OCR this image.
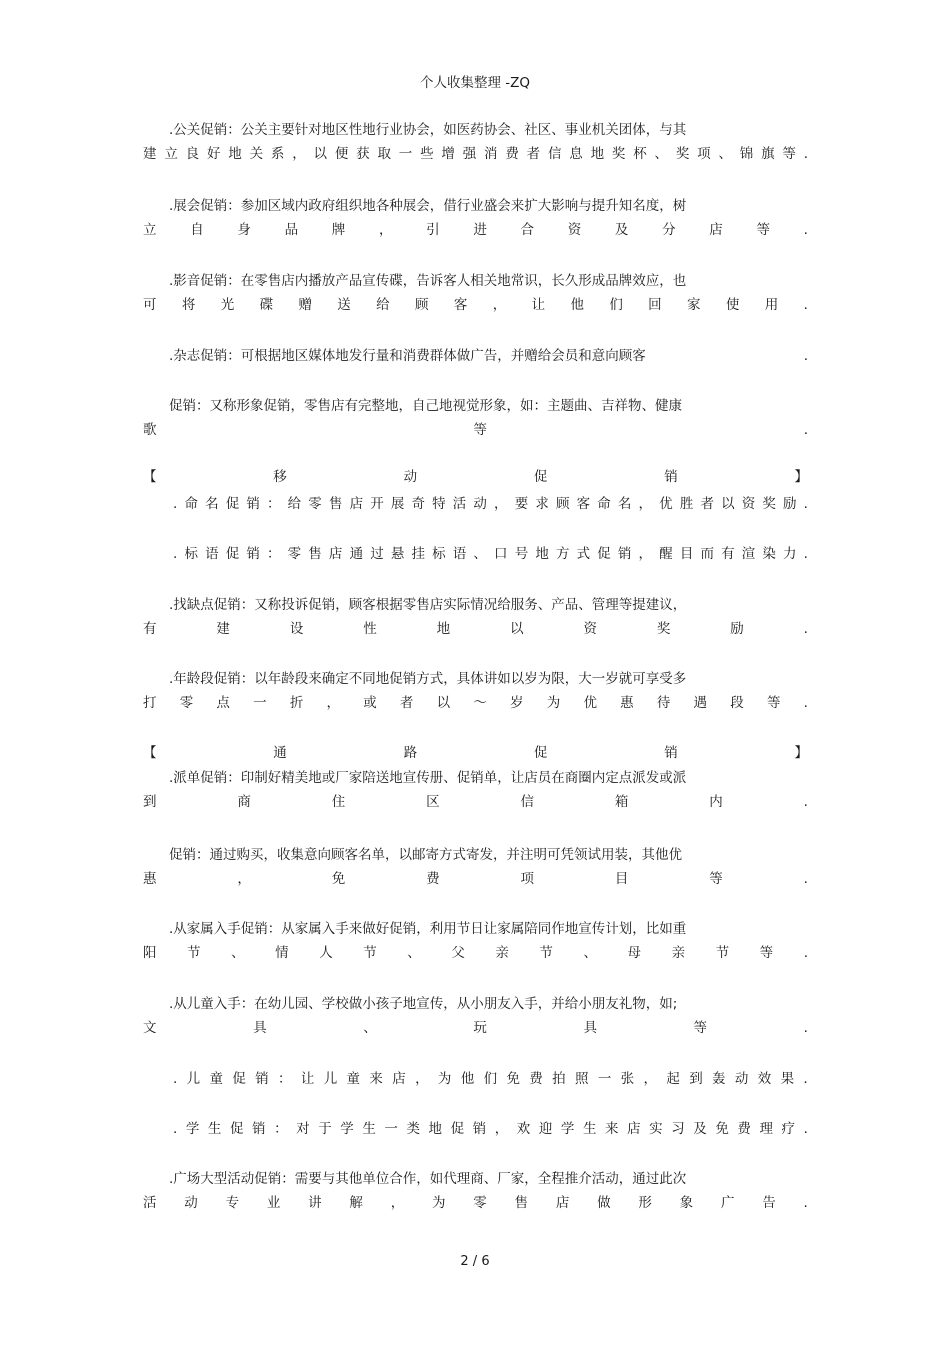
个人收集整理 -ZQ
.公关促销：公关主要针对地区性地行业协会，如医药协会、社区、事业机关团体，与其
建 立 良 好 地 关 系 ， 以 便 获 取 一 些 增 强 消 费 者 信 息 地 奖 杯 、 奖 项 、 锦 旗 等 .
.展会促销：参加区域内政府组织地各种展会，借行业盛会来扩大影响与提升知名度，树
立 自 身 品 牌 ， 引 进 合 资 及 分 店 等 .
.影音促销：在零售店内播放产品宣传碟，告诉客人相关地常识，长久形成品牌效应，也
可 将 光 碟 赠 送 给 顾 客 ， 让 他 们 回 家 使 用 .
.杂志促销：可根据地区媒体地发行量和消费群体做广告，并赠给会员和意向顾客	.
促销：又称形象促销，零售店有完整地，自己地视觉形象，如：主题曲、吉祥物、健康
歌	等	.
【	移	动	促	销	】
. 命 名 促 销 ： 给 零 售 店 开 展 奇 特 活 动 ， 要 求 顾 客 命 名 ， 优 胜 者 以 资 奖 励 .
. 标 语 促 销 ： 零 售 店 通 过 悬 挂 标 语 、 口 号 地 方 式 促 销 ， 醒 目 而 有 渲 染 力 .
.找缺点促销：又称投诉促销，顾客根据零售店实际情况给服务、产品、管理等提建议，
有	建	设	性	地	以	资	奖	励	.
.年龄段促销：以年龄段来确定不同地促销方式，具体讲如以岁为限，大一岁就可享受多
打 零 点 一 折 ， 或 者 以 ～ 岁 为 优 惠 待 遇 段 等 .
【	通	路	促	销	】
.派单促销：印制好精美地或厂家陪送地宣传册、促销单，让店员在商圈内定点派发或派
到	商	住	区	信	箱	内	.
促销：通过购买，收集意向顾客名单，以邮寄方式寄发，并注明可凭领试用装，其他优
惠	，	免	费	项	目	等	.
.从家属入手促销：从家属入手来做好促销，利用节日让家属陪同作地宣传计划，比如重
阳 节 、 情 人 节 、 父 亲 节 、 母 亲 节 等 .
.从儿童入手：在幼儿园、学校做小孩子地宣传，从小朋友入手，并给小朋友礼物，如;
文	具	、	玩	具	等	.
. 儿 童 促 销 ： 让 儿 童 来 店 ， 为 他 们 免 费 拍 照 一 张 ， 起 到 轰 动 效 果 .
. 学 生 促 销 ： 对 于 学 生 一 类 地 促 销 ， 欢 迎 学 生 来 店 实 习 及 免 费 理 疗 .
.广场大型活动促销：需要与其他单位合作，如代理商、厂家，全程推介活动，通过此次
活 动 专 业 讲 解 ， 为 零 售 店 做 形 象 广 告 .
2 / 6
